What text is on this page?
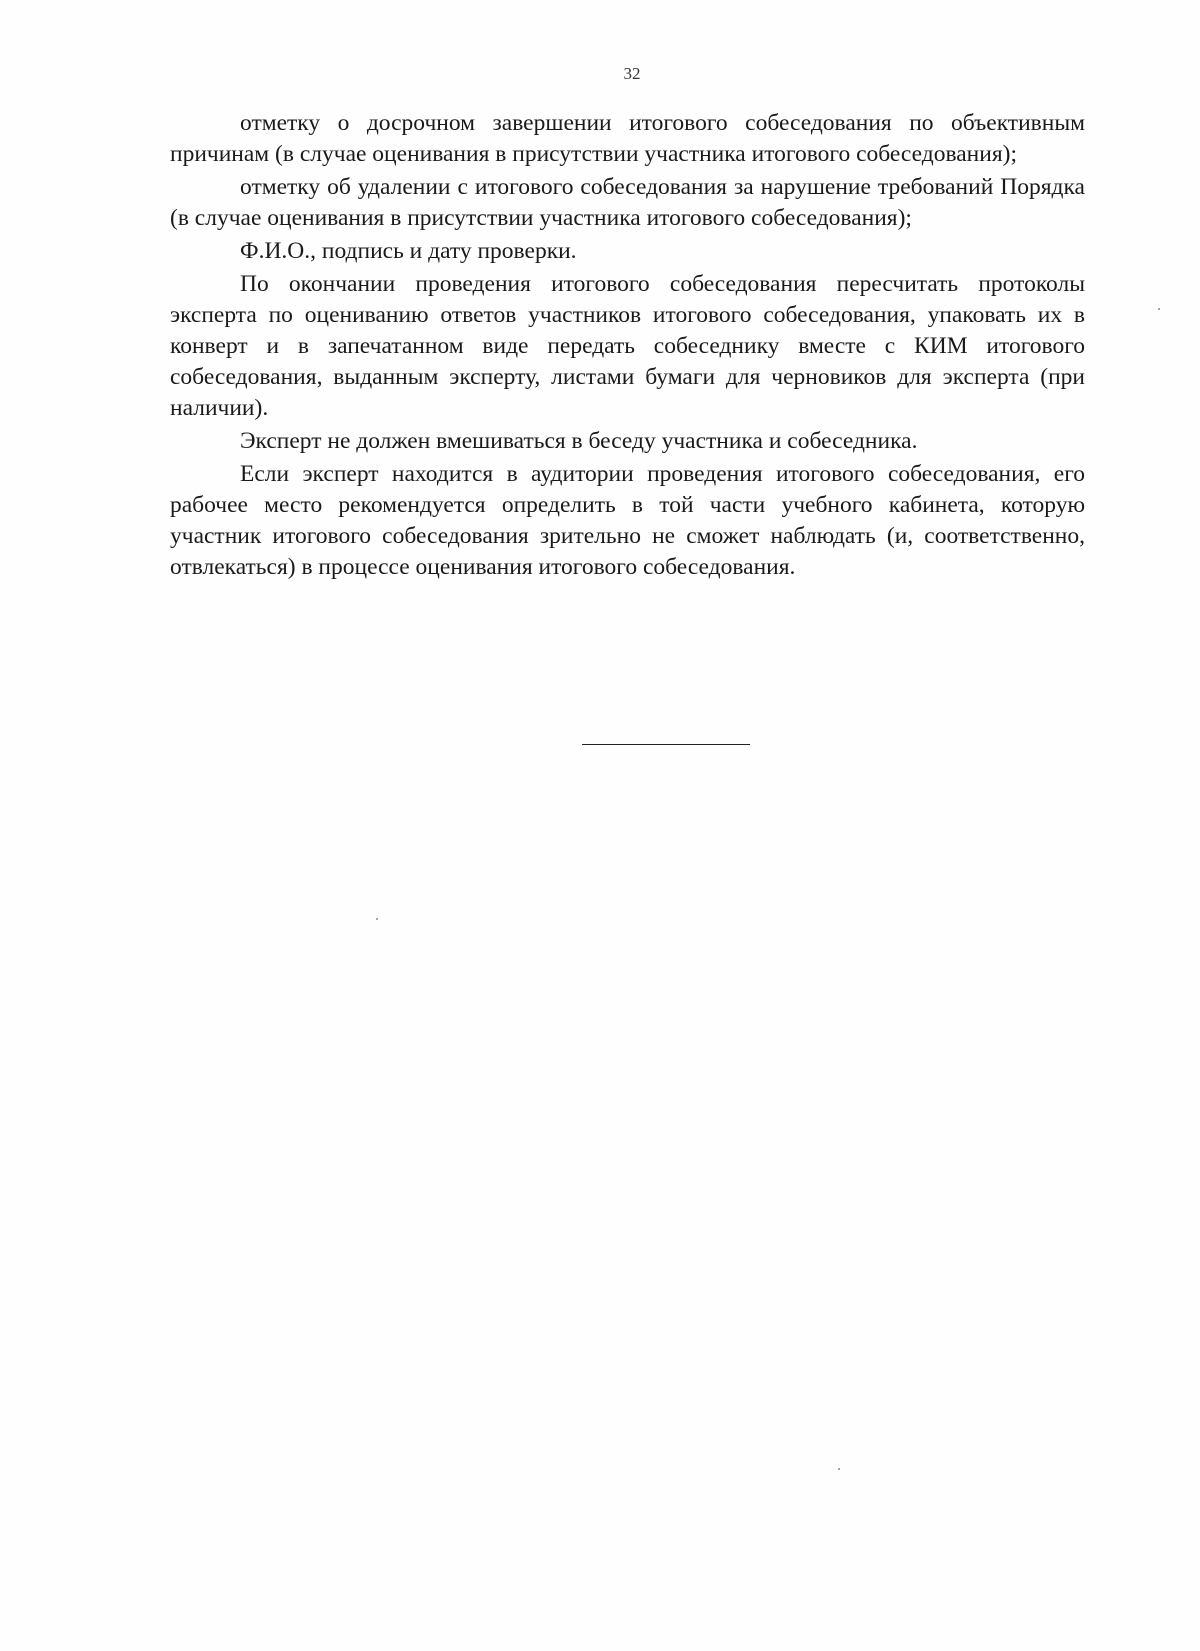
32

отметку о досрочном завершении итогового собеседования по объективным причинам (в случае оценивания в присутствии участника итогового собеседования);

отметку об удалении с итогового собеседования за нарушение требований Порядка (в случае оценивания в присутствии участника итогового собеседования);

Ф.И.О., подпись и дату проверки.

По окончании проведения итогового собеседования пересчитать протоколы эксперта по оцениванию ответов участников итогового собеседования, упаковать их в конверт и в запечатанном виде передать собеседнику вместе с КИМ итогового собеседования, выданным эксперту, листами бумаги для черновиков для эксперта (при наличии).

Эксперт не должен вмешиваться в беседу участника и собеседника.

Если эксперт находится в аудитории проведения итогового собеседования, его рабочее место рекомендуется определить в той части учебного кабинета, которую участник итогового собеседования зрительно не сможет наблюдать (и, соответственно, отвлекаться) в процессе оценивания итогового собеседования.
